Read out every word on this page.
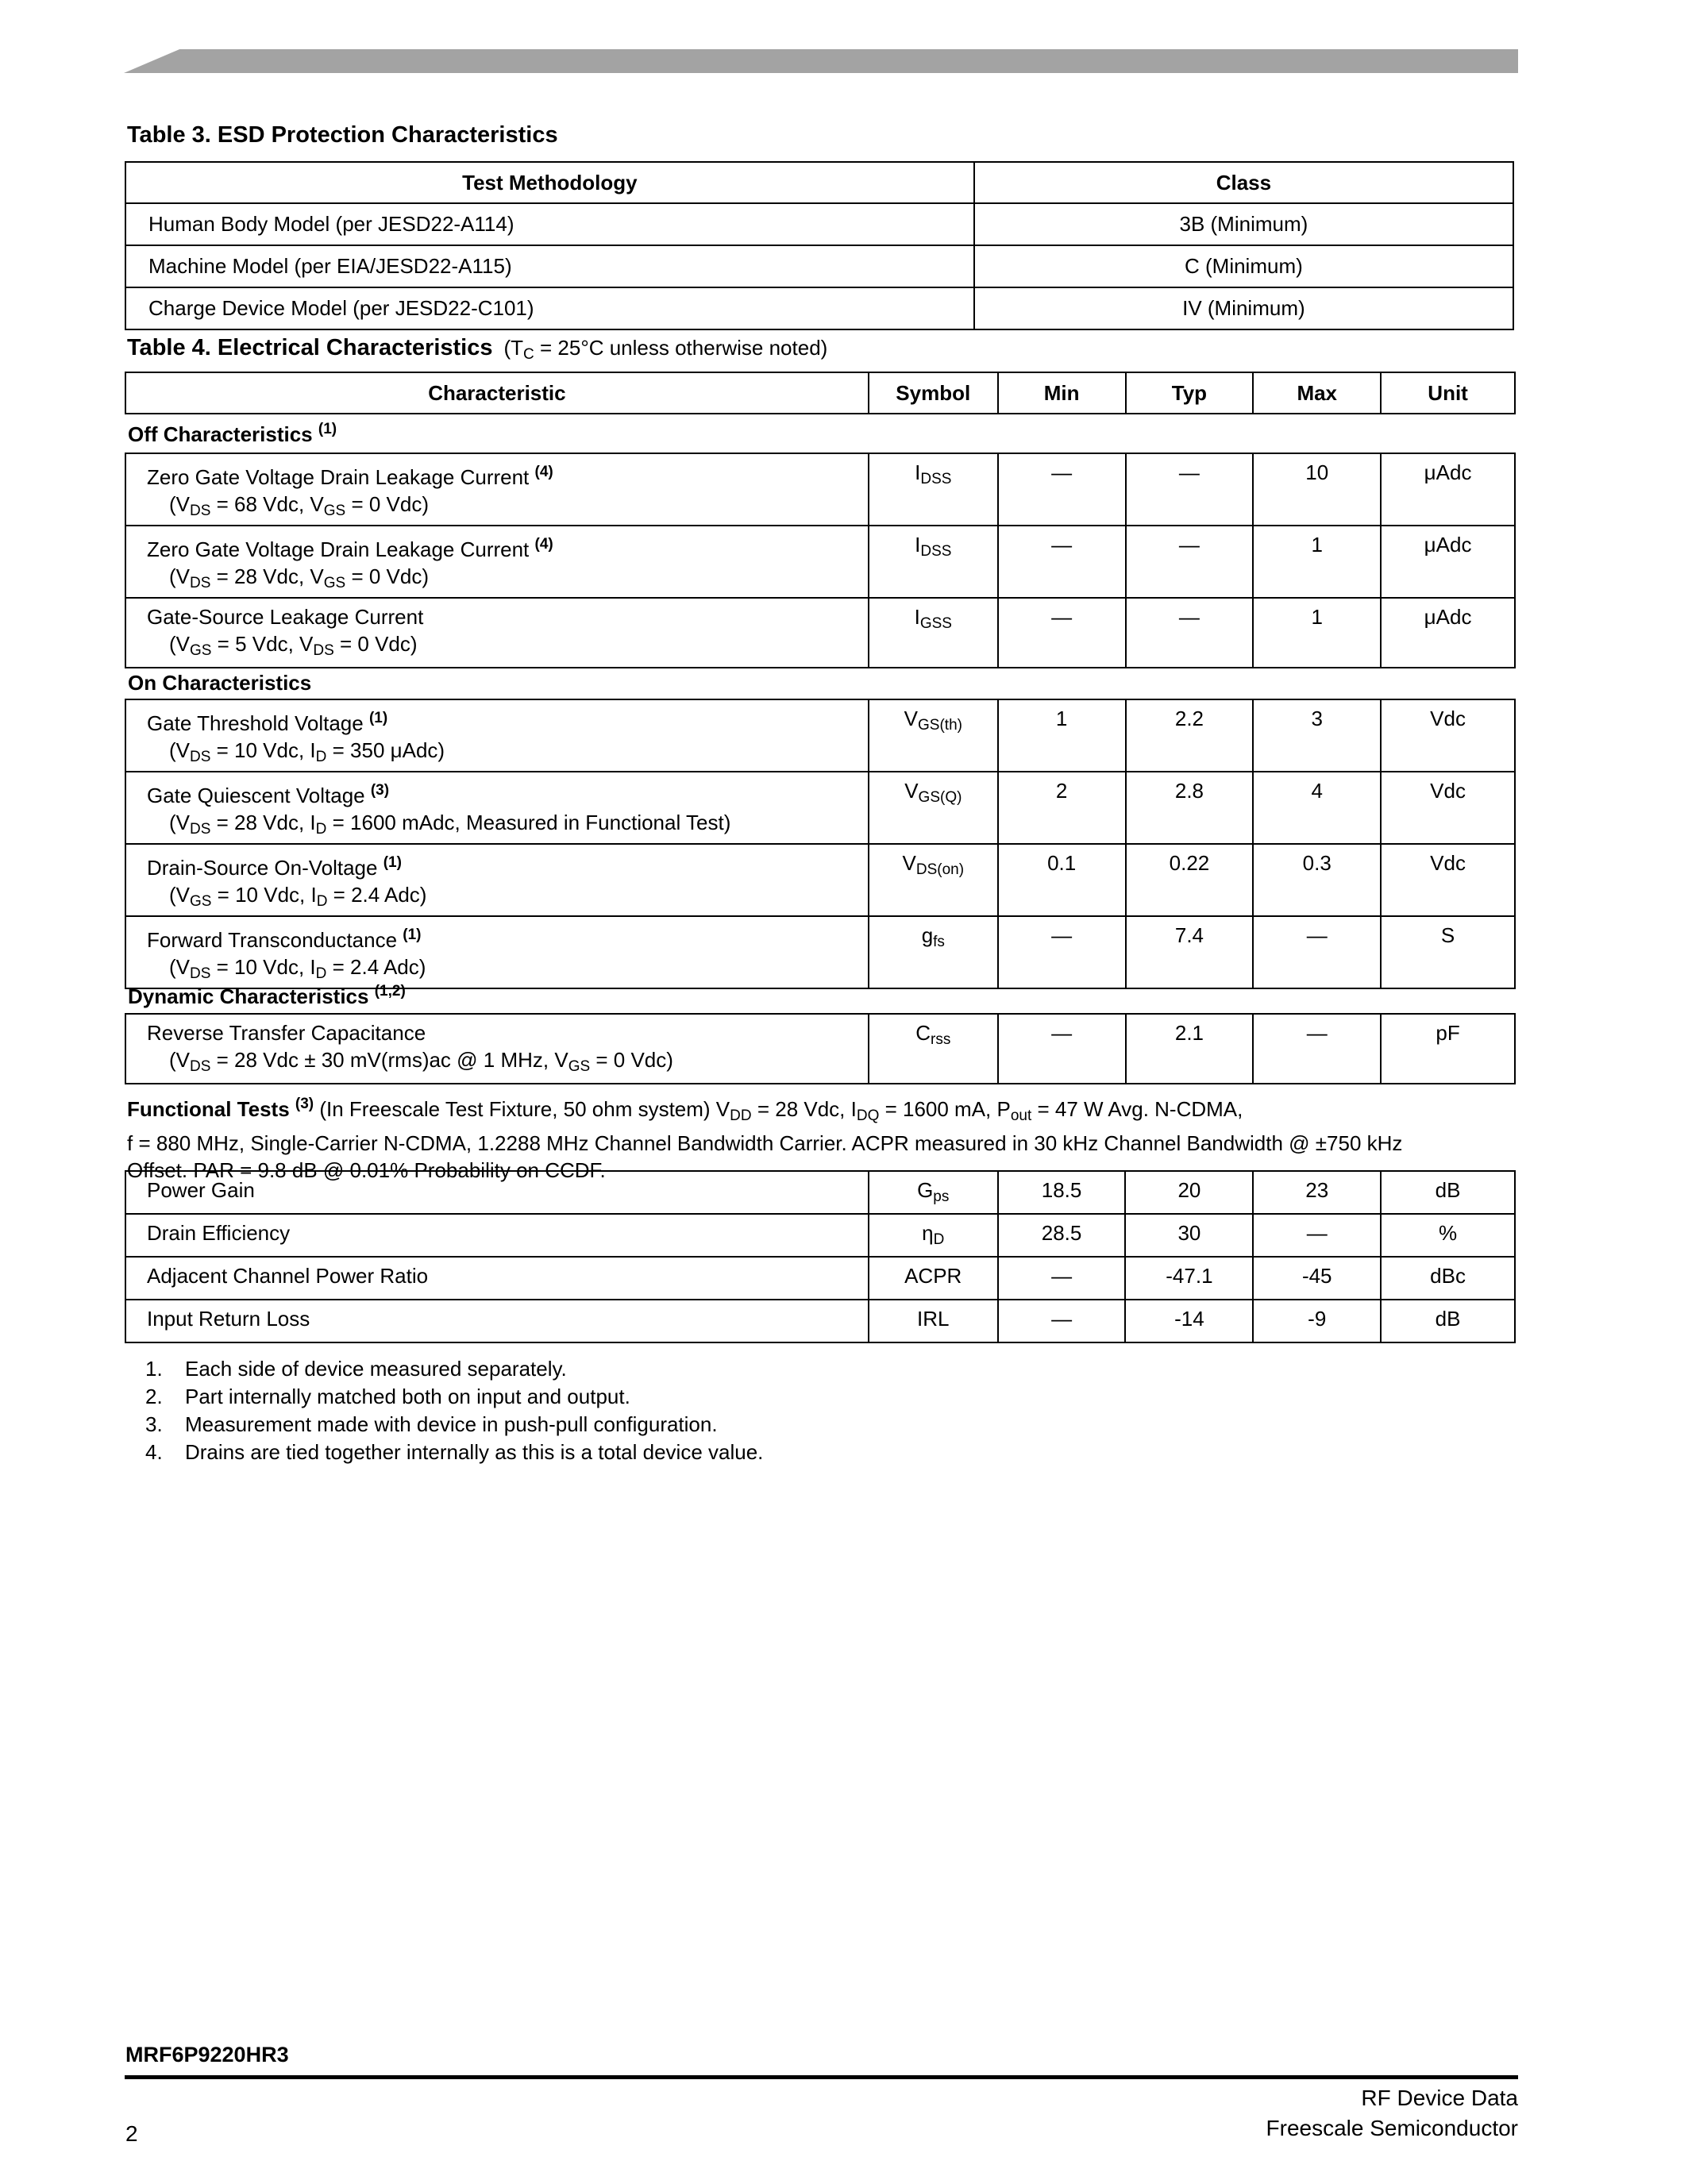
Table 3. ESD Protection Characteristics
Test Methodology	Class
Human Body Model (per JESD22-A114)	3B (Minimum)
Machine Model (per EIA/JESD22-A115)	C (Minimum)
Charge Device Model (per JESD22-C101)	IV (Minimum)
Table 4. Electrical Characteristics ($T_C = 25^\circ C$ unless otherwise noted)
Characteristic	Symbol	Min	Typ	Max	Unit
Off Characteristics $^{(1)}$
Zero Gate Voltage Drain Leakage Current $^{(4)}$
($V_{DS} = 68$ Vdc, $V_{GS} = 0$ Vdc)	$I_{DSS}$	—	—	10	μAdc
Zero Gate Voltage Drain Leakage Current $^{(4)}$
($V_{DS} = 28$ Vdc, $V_{GS} = 0$ Vdc)	$I_{DSS}$	—	—	1	μAdc
Gate-Source Leakage Current
($V_{GS} = 5$ Vdc, $V_{DS} = 0$ Vdc)	$I_{GSS}$	—	—	1	μAdc
On Characteristics
Gate Threshold Voltage $^{(1)}$
($V_{DS} = 10$ Vdc, $I_D = 350$ μAdc)	$V_{GS(th)}$	1	2.2	3	Vdc
Gate Quiescent Voltage $^{(3)}$
($V_{DS} = 28$ Vdc, $I_D = 1600$ mAdc, Measured in Functional Test)	$V_{GS(Q)}$	2	2.8	4	Vdc
Drain-Source On-Voltage $^{(1)}$
($V_{GS} = 10$ Vdc, $I_D = 2.4$ Adc)	$V_{DS(on)}$	0.1	0.22	0.3	Vdc
Forward Transconductance $^{(1)}$
($V_{DS} = 10$ Vdc, $I_D = 2.4$ Adc)	$g_{fs}$	—	7.4	—	S
Dynamic Characteristics $^{(1,2)}$
Reverse Transfer Capacitance
($V_{DS} = 28$ Vdc ± 30 mV(rms)ac @ 1 MHz, $V_{GS} = 0$ Vdc)	$C_{rss}$	—	2.1	—	pF
Functional Tests $^{(3)}$ (In Freescale Test Fixture, 50 ohm system) $V_{DD} = 28$ Vdc, $I_{DQ} = 1600$ mA, $P_{out} = 47$ W Avg. N-CDMA,
f = 880 MHz, Single-Carrier N-CDMA, 1.2288 MHz Channel Bandwidth Carrier. ACPR measured in 30 kHz Channel Bandwidth @ ±750 kHz
Offset. PAR = 9.8 dB @ 0.01% Probability on CCDF.
Power Gain	$G_{ps}$	18.5	20	23	dB
Drain Efficiency	$\eta_D$	28.5	30	—	%
Adjacent Channel Power Ratio	ACPR	—	-47.1	-45	dBc
Input Return Loss	IRL	—	-14	-9	dB
1. Each side of device measured separately.
2. Part internally matched both on input and output.
3. Measurement made with device in push-pull configuration.
4. Drains are tied together internally as this is a total device value.
MRF6P9220HR3
RF Device Data
Freescale Semiconductor
2
